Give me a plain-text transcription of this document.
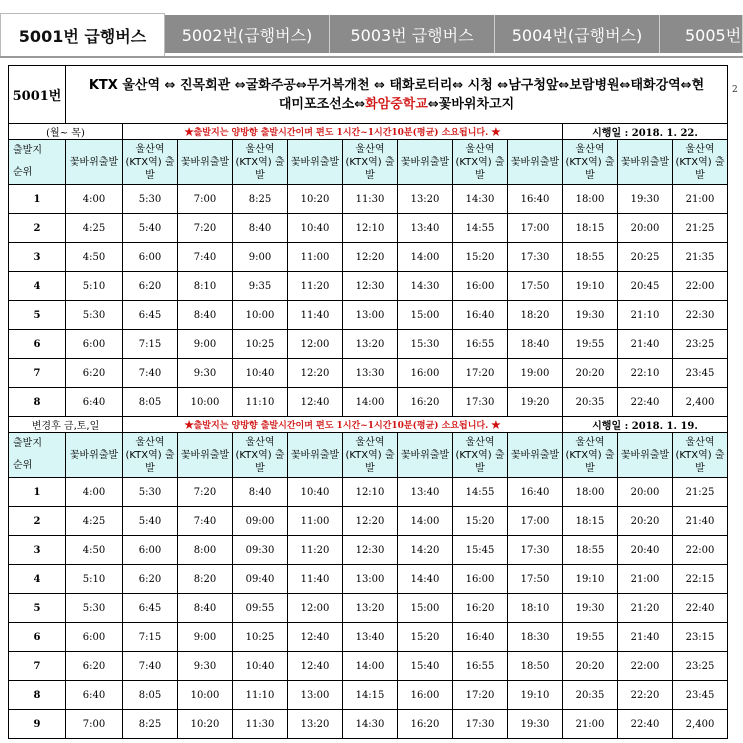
5001번 급행버스	5002번(급행버스)	5003번 급행버스	5004번(급행버스)	5005번
2
5001번	KTX 울산역 ⇔ 진목회관 ⇔굴화주공⇔무거복개천 ⇔ 태화로터리⇔ 시청 ⇔남구청앞⇔보람병원⇔태화강역⇔현
대미포조선소⇔화암중학교⇔꽃바위차고지											

(월~ 목)		★출발지는 양방향 출발시간이며 편도 1시간~1시간10분(평균) 소요됩니다. ★								시행일 : 2018. 1. 22.		

출발지
순위	꽃바위출발	울산역 (KTX역) 출발	꽃바위출발	울산역 (KTX역) 출발	꽃바위출발	울산역 (KTX역) 출발	꽃바위출발	울산역 (KTX역) 출발	꽃바위출발	울산역 (KTX역) 출발	꽃바위출발	울산역 (KTX역) 출발
1	4:00	5:30	7:00	8:25	10:20	11:30	13:20	14:30	16:40	18:00	19:30	21:00
2	4:25	5:40	7:20	8:40	10:40	12:10	13:40	14:55	17:00	18:15	20:00	21:25
3	4:50	6:00	7:40	9:00	11:00	12:20	14:00	15:20	17:30	18:55	20:25	21:35
4	5:10	6:20	8:10	9:35	11:20	12:30	14:30	16:00	17:50	19:10	20:45	22:00
5	5:30	6:45	8:40	10:00	11:40	13:00	15:00	16:40	18:20	19:30	21:10	22:30
6	6:00	7:15	9:00	10:25	12:00	13:20	15:30	16:55	18:40	19:55	21:40	23:25
7	6:20	7:40	9:30	10:40	12:20	13:30	16:00	17:20	19:00	20:20	22:10	23:45
8	6:40	8:05	10:00	11:10	12:40	14:00	16:20	17:30	19:20	20:35	22:40	2,400
변경후 금,토,일		★출발지는 양방향 출발시간이며 편도 1시간~1시간10분(평균) 소요됩니다. ★								시행일 : 2018. 1. 19.		

출발지
순위	꽃바위출발	울산역 (KTX역) 출발	꽃바위출발	울산역 (KTX역) 출발	꽃바위출발	울산역 (KTX역) 출발	꽃바위출발	울산역 (KTX역) 출발	꽃바위출발	울산역 (KTX역) 출발	꽃바위출발	울산역 (KTX역) 출발
1	4:00	5:30	7:20	8:40	10:40	12:10	13:40	14:55	16:40	18:00	20:00	21:25
2	4:25	5:40	7:40	09:00	11:00	12:20	14:00	15:20	17:00	18:15	20:20	21:40
3	4:50	6:00	8:00	09:30	11:20	12:30	14:20	15:45	17:30	18:55	20:40	22:00
4	5:10	6:20	8:20	09:40	11:40	13:00	14:40	16:00	17:50	19:10	21:00	22:15
5	5:30	6:45	8:40	09:55	12:00	13:20	15:00	16:20	18:10	19:30	21:20	22:40
6	6:00	7:15	9:00	10:25	12:40	13:40	15:20	16:40	18:30	19:55	21:40	23:15
7	6:20	7:40	9:30	10:40	12:40	14:00	15:40	16:55	18:50	20:20	22:00	23:25
8	6:40	8:05	10:00	11:10	13:00	14:15	16:00	17:20	19:10	20:35	22:20	23:45
9	7:00	8:25	10:20	11:30	13:20	14:30	16:20	17:30	19:30	21:00	22:40	2,400
